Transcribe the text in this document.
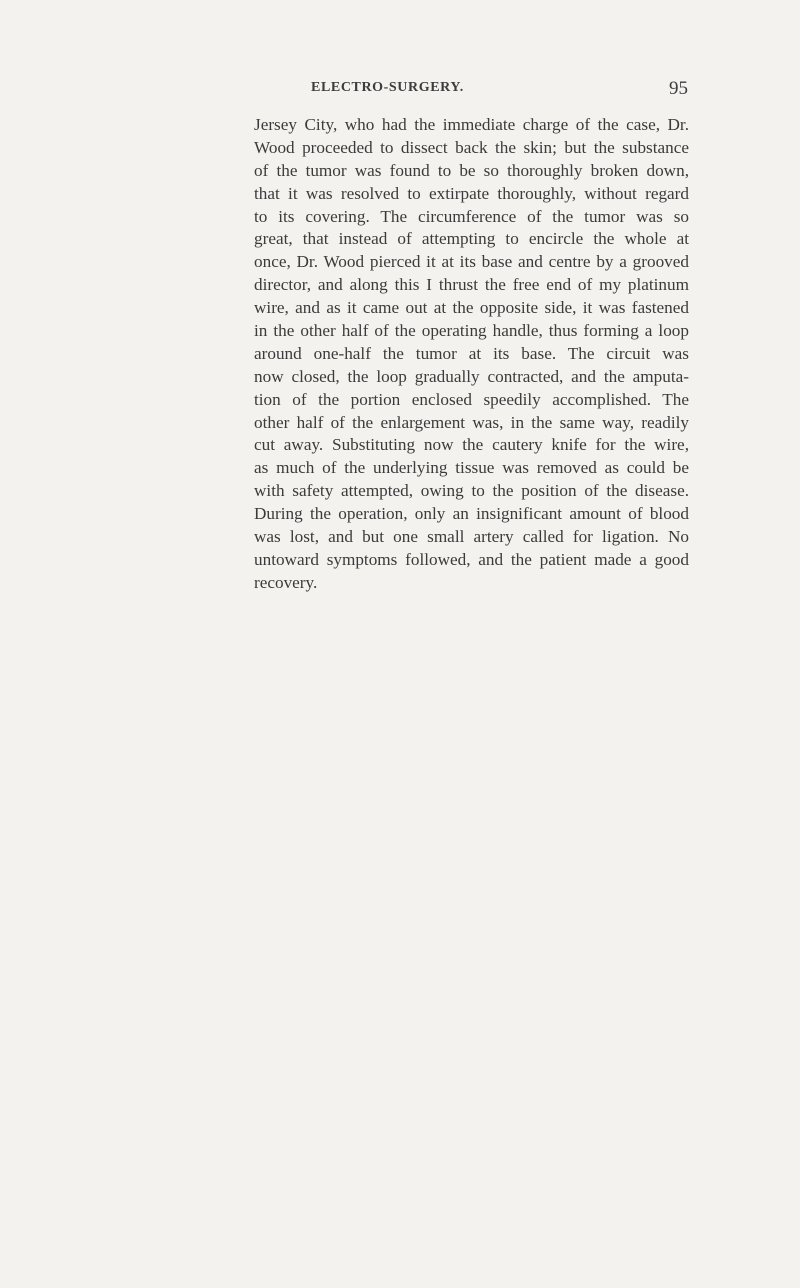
ELECTRO-SURGERY.	95
Jersey City, who had the immediate charge of the case, Dr.
Wood proceeded to dissect back the skin; but the substance
of the tumor was found to be so thoroughly broken down,
that it was resolved to extirpate thoroughly, without regard
to its covering. The circumference of the tumor was so
great, that instead of attempting to encircle the whole at
once, Dr. Wood pierced it at its base and centre by a grooved
director, and along this I thrust the free end of my platinum
wire, and as it came out at the opposite side, it was fastened
in the other half of the operating handle, thus forming a loop
around one-half the tumor at its base. The circuit was
now closed, the loop gradually contracted, and the amputa-
tion of the portion enclosed speedily accomplished. The
other half of the enlargement was, in the same way, readily
cut away. Substituting now the cautery knife for the wire,
as much of the underlying tissue was removed as could be
with safety attempted, owing to the position of the disease.
During the operation, only an insignificant amount of blood
was lost, and but one small artery called for ligation. No
untoward symptoms followed, and the patient made a good
recovery.
